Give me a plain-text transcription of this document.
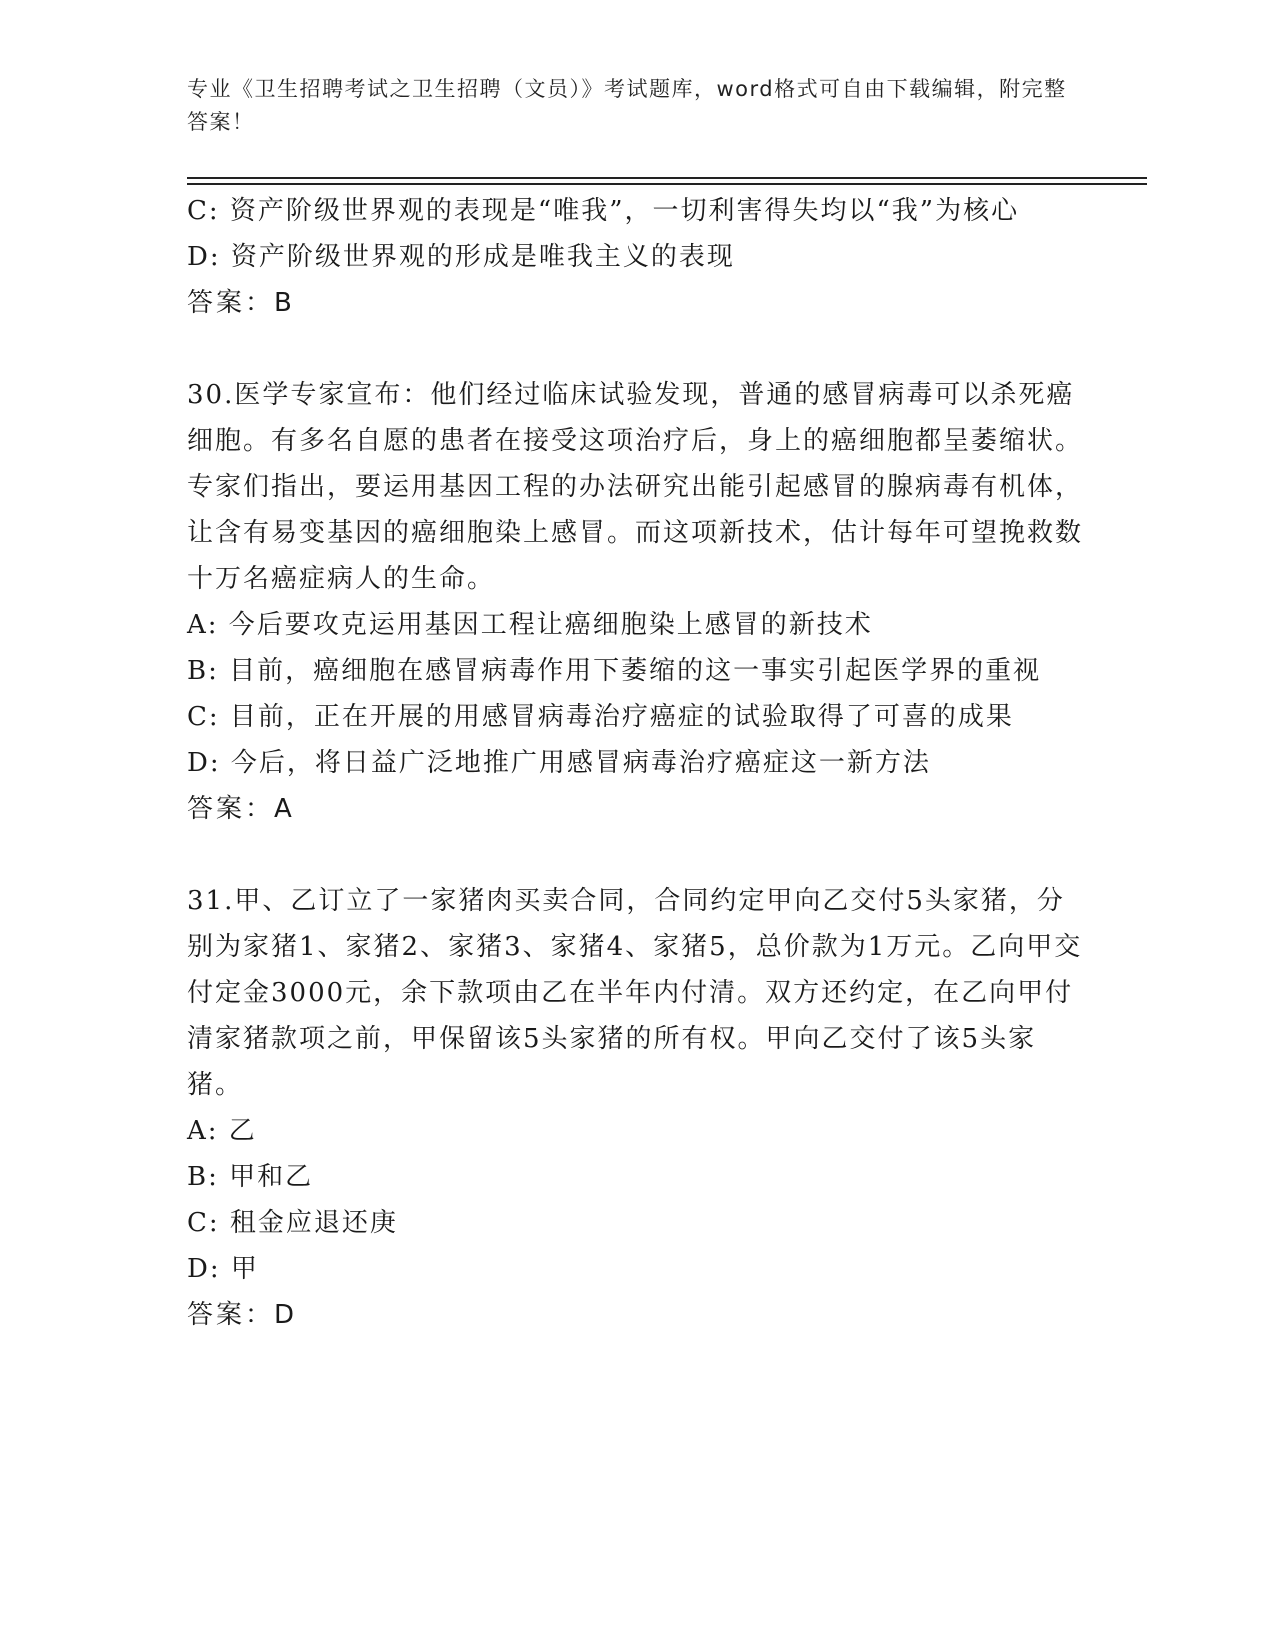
专业《卫生招聘考试之卫生招聘（文员）》考试题库，word格式可自由下载编辑，附完整答案！

C: 资产阶级世界观的表现是“唯我”，一切利害得失均以“我”为核心

D: 资产阶级世界观的形成是唯我主义的表现

答案：B

30.医学专家宣布：他们经过临床试验发现，普通的感冒病毒可以杀死癌细胞。有多名自愿的患者在接受这项治疗后，身上的癌细胞都呈萎缩状。专家们指出，要运用基因工程的办法研究出能引起感冒的腺病毒有机体，让含有易变基因的癌细胞染上感冒。而这项新技术，估计每年可望挽救数十万名癌症病人的生命。

A: 今后要攻克运用基因工程让癌细胞染上感冒的新技术

B: 目前，癌细胞在感冒病毒作用下萎缩的这一事实引起医学界的重视

C: 目前，正在开展的用感冒病毒治疗癌症的试验取得了可喜的成果

D: 今后，将日益广泛地推广用感冒病毒治疗癌症这一新方法

答案：A

31.甲、乙订立了一家猪肉买卖合同，合同约定甲向乙交付5头家猪，分别为家猪1、家猪2、家猪3、家猪4、家猪5，总价款为1万元。乙向甲交付定金3000元，余下款项由乙在半年内付清。双方还约定，在乙向甲付清家猪款项之前，甲保留该5头家猪的所有权。甲向乙交付了该5头家猪。

A: 乙

B: 甲和乙

C: 租金应退还庚

D: 甲

答案：D
